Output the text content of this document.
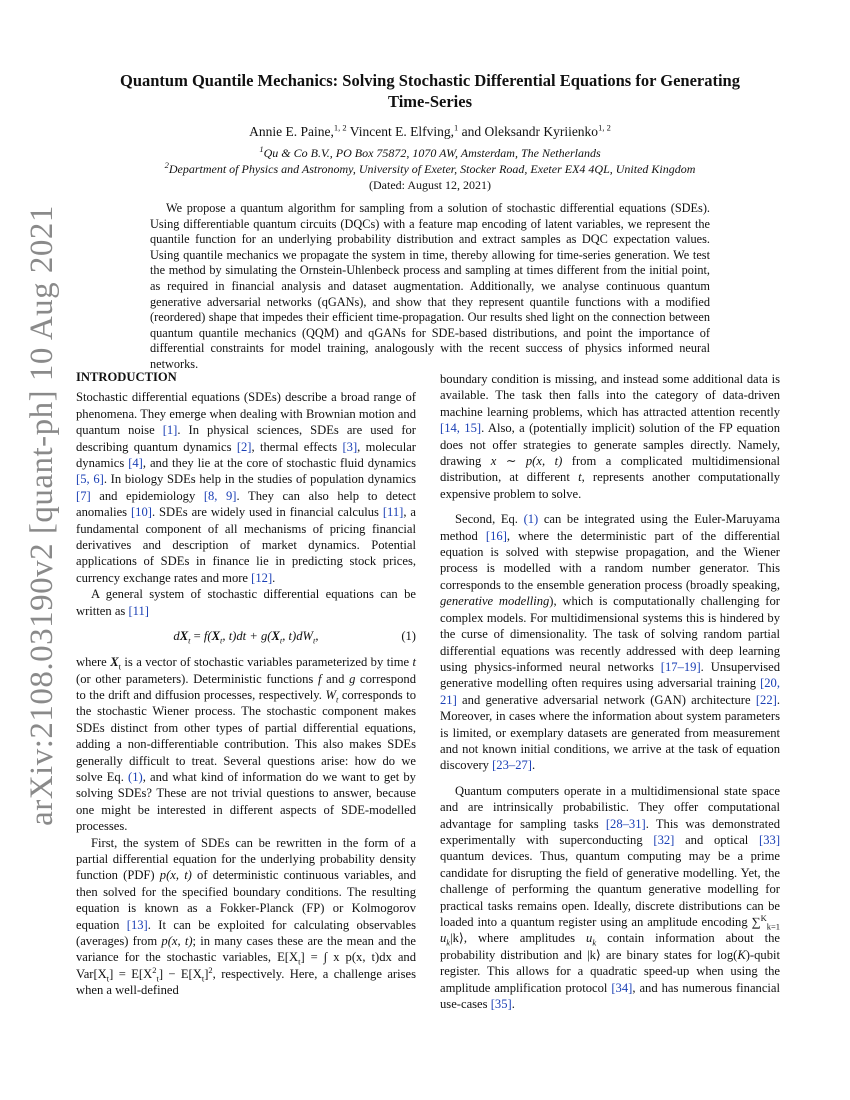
arXiv:2108.03190v2 [quant-ph] 10 Aug 2021
Quantum Quantile Mechanics: Solving Stochastic Differential Equations for Generating Time-Series
Annie E. Paine,$^{1, 2}$ Vincent E. Elfving,$^1$ and Oleksandr Kyriienko$^{1, 2}$
$^1$Qu & Co B.V., PO Box 75872, 1070 AW, Amsterdam, The Netherlands
$^2$Department of Physics and Astronomy, University of Exeter, Stocker Road, Exeter EX4 4QL, United Kingdom
(Dated: August 12, 2021)

We propose a quantum algorithm for sampling from a solution of stochastic differential equations (SDEs). Using differentiable quantum circuits (DQCs) with a feature map encoding of latent variables, we represent the quantile function for an underlying probability distribution and extract samples as DQC expectation values. Using quantile mechanics we propagate the system in time, thereby allowing for time-series generation. We test the method by simulating the Ornstein-Uhlenbeck process and sampling at times different from the initial point, as required in financial analysis and dataset augmentation. Additionally, we analyse continuous quantum generative adversarial networks (qGANs), and show that they represent quantile functions with a modified (reordered) shape that impedes their efficient time-propagation. Our results shed light on the connection between quantum quantile mechanics (QQM) and qGANs for SDE-based distributions, and point the importance of differential constraints for model training, analogously with the recent success of physics informed neural networks.

INTRODUCTION

Stochastic differential equations (SDEs) describe a broad range of phenomena. They emerge when dealing with Brownian motion and quantum noise [1]. In physical sciences, SDEs are used for describing quantum dynamics [2], thermal effects [3], molecular dynamics [4], and they lie at the core of stochastic fluid dynamics [5, 6]. In biology SDEs help in the studies of population dynamics [7] and epidemiology [8, 9]. They can also help to detect anomalies [10]. SDEs are widely used in financial calculus [11], a fundamental component of all mechanisms of pricing financial derivatives and description of market dynamics. Potential applications of SDEs in finance lie in predicting stock prices, currency exchange rates and more [12].

A general system of stochastic differential equations can be written as [11]

$dX_t = f(X_t$, $t)dt + g(X_t$, $t)dW_t$,	(1)

where $X_t$ is a vector of stochastic variables parameterized by time t (or other parameters). Deterministic functions f and g correspond to the drift and diffusion processes, respectively. $W_t$ corresponds to the stochastic Wiener process. The stochastic component makes SDEs distinct from other types of partial differential equations, adding a non-differentiable contribution. This also makes SDEs generally difficult to treat. Several questions arise: how do we solve Eq. (1), and what kind of information do we want to get by solving SDEs? These are not trivial questions to answer, because one might be interested in different aspects of SDE-modelled processes.

First, the system of SDEs can be rewritten in the form of a partial differential equation for the underlying probability density function (PDF) p(x, t) of deterministic continuous variables, and then solved for the specified boundary conditions. The resulting equation is known as a Fokker-Planck (FP) or Kolmogorov equation [13]. It can be exploited for calculating observables (averages) from p(x, t); in many cases these are the mean and the variance for the stochastic variables, $E[X_t]$ = ∫ x p(x, t)dx and $Var[X_t] = E[X^2_t] - E[X_t]^2$, respectively. Here, a challenge arises when a well-defined

boundary condition is missing, and instead some additional data is available. The task then falls into the category of data-driven machine learning problems, which has attracted attention recently [14, 15]. Also, a (potentially implicit) solution of the FP equation does not offer strategies to generate samples directly. Namely, drawing x ∼ p(x, t) from a complicated multidimensional distribution, at different t, represents another computationally expensive problem to solve.

Second, Eq. (1) can be integrated using the Euler-Maruyama method [16], where the deterministic part of the differential equation is solved with stepwise propagation, and the Wiener process is modelled with a random number generator. This corresponds to the ensemble generation process (broadly speaking, generative modelling), which is computationally challenging for complex models. For multidimensional systems this is hindered by the curse of dimensionality. The task of solving random partial differential equations was recently addressed with deep learning using physics-informed neural networks [17–19]. Unsupervised generative modelling often requires using adversarial training [20, 21] and generative adversarial network (GAN) architecture [22]. Moreover, in cases where the information about system parameters is limited, or exemplary datasets are generated from measurement and not known initial conditions, we arrive at the task of equation discovery [23–27].

Quantum computers operate in a multidimensional state space and are intrinsically probabilistic. They offer computational advantage for sampling tasks [28–31]. This was demonstrated experimentally with superconducting [32] and optical [33] quantum devices. Thus, quantum computing may be a prime candidate for disrupting the field of generative modelling. Yet, the challenge of performing the quantum generative modelling for practical tasks remains open. Ideally, discrete distributions can be loaded into a quantum register using an amplitude encoding ∑$^K_{k=1}$ $u_k|k⟩$, where amplitudes $u_k$ contain information about the probability distribution and |k⟩ are binary states for log(K)-qubit register. This allows for a quadratic speed-up when using the amplitude amplification protocol [34], and has numerous financial use-cases [35].
